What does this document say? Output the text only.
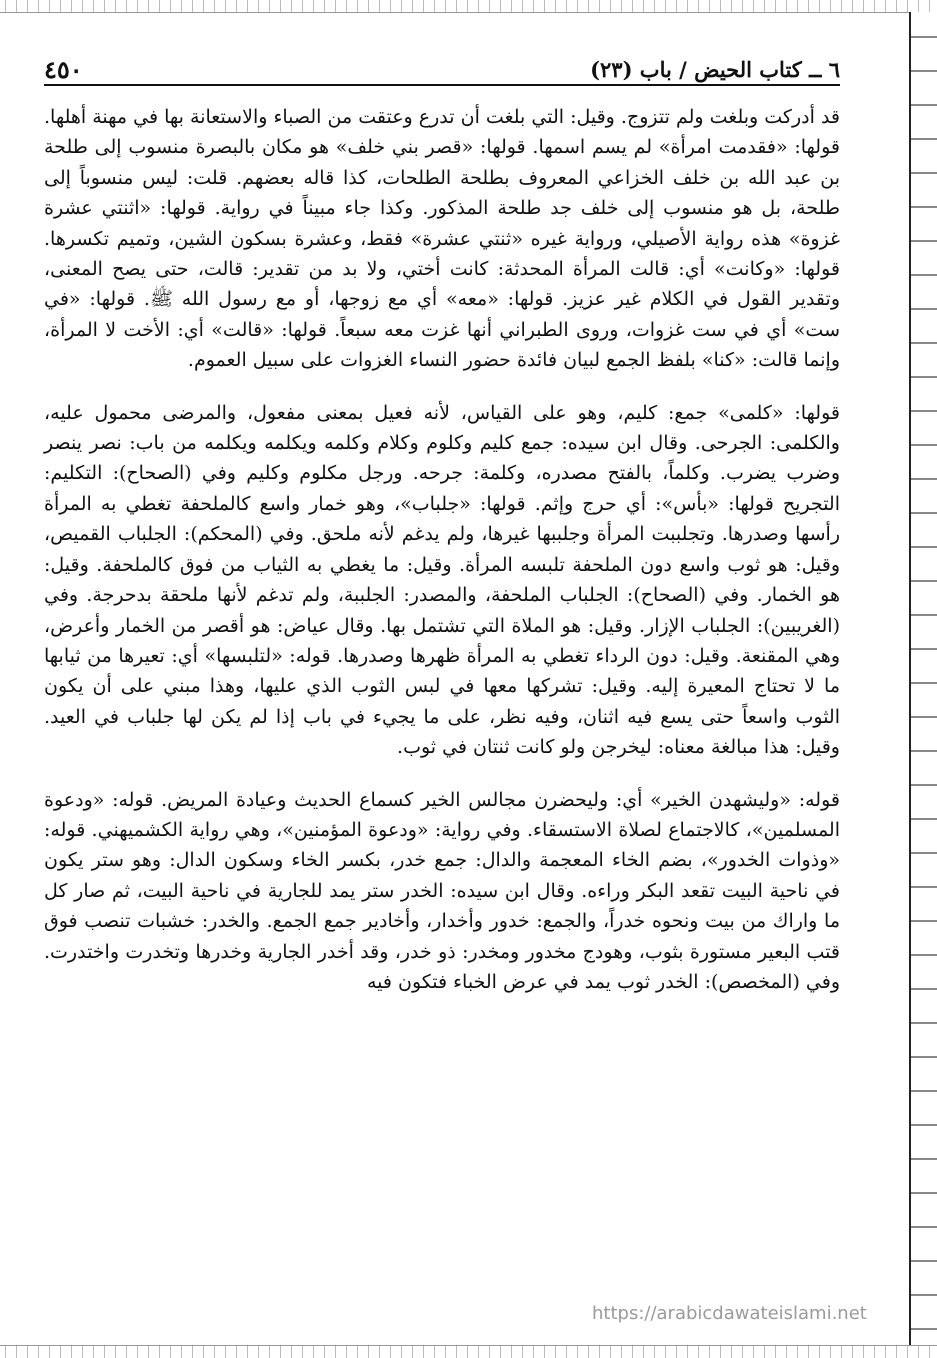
٤٥٠	٦ ــ كتاب الحيض / باب (٢٣)

قد أدركت وبلغت ولم تتزوج. وقيل: التي بلغت أن تدرع وعتقت من الصباء والاستعانة بها في مهنة أهلها. قولها: «فقدمت امرأة» لم يسم اسمها. قولها: «قصر بني خلف» هو مكان بالبصرة منسوب إلى طلحة بن عبد الله بن خلف الخزاعي المعروف بطلحة الطلحات، كذا قاله بعضهم. قلت: ليس منسوباً إلى طلحة، بل هو منسوب إلى خلف جد طلحة المذكور. وكذا جاء مبيناً في رواية. قولها: «اثنتي عشرة غزوة» هذه رواية الأصيلي، ورواية غيره «ثنتي عشرة» فقط، وعشرة بسكون الشين، وتميم تكسرها. قولها: «وكانت» أي: قالت المرأة المحدثة: كانت أختي، ولا بد من تقدير: قالت، حتى يصح المعنى، وتقدير القول في الكلام غير عزيز. قولها: «معه» أي مع زوجها، أو مع رسول الله ﷺ. قولها: «في ست» أي في ست غزوات، وروى الطبراني أنها غزت معه سبعاً. قولها: «قالت» أي: الأخت لا المرأة، وإنما قالت: «كنا» بلفظ الجمع لبيان فائدة حضور النساء الغزوات على سبيل العموم.

قولها: «كلمى» جمع: كليم، وهو على القياس، لأنه فعيل بمعنى مفعول، والمرضى محمول عليه، والكلمى: الجرحى. وقال ابن سيده: جمع كليم وكلوم وكلام وكلمه ويكلمه ويكلمه من باب: نصر ينصر وضرب يضرب. وكلماً، بالفتح مصدره، وكلمة: جرحه. ورجل مكلوم وكليم وفي (الصحاح): التكليم: التجريح قولها: «بأس»: أي حرج وإثم. قولها: «جلباب»، وهو خمار واسع كالملحفة تغطي به المرأة رأسها وصدرها. وتجلببت المرأة وجلببها غيرها، ولم يدغم لأنه ملحق. وفي (المحكم): الجلباب القميص، وقيل: هو ثوب واسع دون الملحفة تلبسه المرأة. وقيل: ما يغطي به الثياب من فوق كالملحفة. وقيل: هو الخمار. وفي (الصحاح): الجلباب الملحفة، والمصدر: الجلببة، ولم تدغم لأنها ملحقة بدحرجة. وفي (الغريبين): الجلباب الإزار. وقيل: هو الملاة التي تشتمل بها. وقال عياض: هو أقصر من الخمار وأعرض، وهي المقنعة. وقيل: دون الرداء تغطي به المرأة ظهرها وصدرها. قوله: «لتلبسها» أي: تعيرها من ثيابها ما لا تحتاج المعيرة إليه. وقيل: تشركها معها في لبس الثوب الذي عليها، وهذا مبني على أن يكون الثوب واسعاً حتى يسع فيه اثنان، وفيه نظر، على ما يجيء في باب إذا لم يكن لها جلباب في العيد. وقيل: هذا مبالغة معناه: ليخرجن ولو كانت ثنتان في ثوب.

قوله: «وليشهدن الخير» أي: وليحضرن مجالس الخير كسماع الحديث وعيادة المريض. قوله: «ودعوة المسلمين»، كالاجتماع لصلاة الاستسقاء. وفي رواية: «ودعوة المؤمنين»، وهي رواية الكشميهني. قوله: «وذوات الخدور»، بضم الخاء المعجمة والدال: جمع خدر، بكسر الخاء وسكون الدال: وهو ستر يكون في ناحية البيت تقعد البكر وراءه. وقال ابن سيده: الخدر ستر يمد للجارية في ناحية البيت، ثم صار كل ما واراك من بيت ونحوه خدراً، والجمع: خدور وأخدار، وأخادير جمع الجمع. والخدر: خشبات تنصب فوق قتب البعير مستورة بثوب، وهودج مخدور ومخدر: ذو خدر، وقد أخدر الجارية وخدرها وتخدرت واختدرت. وفي (المخصص): الخدر ثوب يمد في عرض الخباء فتكون فيه

https://arabicdawateislami.net
